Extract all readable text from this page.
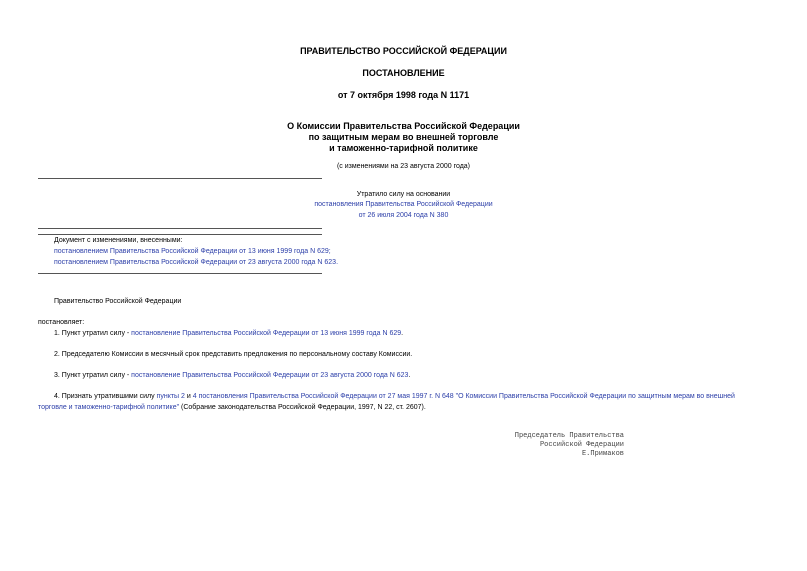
ПРАВИТЕЛЬСТВО РОССИЙСКОЙ ФЕДЕРАЦИИ
ПОСТАНОВЛЕНИЕ
от 7 октября 1998 года N 1171
О Комиссии Правительства Российской Федерации
по защитным мерам во внешней торговле
и таможенно-тарифной политике
(с изменениями на 23 августа 2000 года)
Утратило силу на основании
постановления Правительства Российской Федерации
от 26 июля 2004 года N 380
Документ с изменениями, внесенными:
постановлением Правительства Российской Федерации от 13 июня 1999 года N 629;
постановлением Правительства Российской Федерации от 23 августа 2000 года N 623.
Правительство Российской Федерации
постановляет:
1. Пункт утратил силу - постановление Правительства Российской Федерации от 13 июня 1999 года N 629.
2. Председателю Комиссии в месячный срок представить предложения по персональному составу Комиссии.
3. Пункт утратил силу - постановление Правительства Российской Федерации от 23 августа 2000 года N 623.
4. Признать утратившими силу пункты 2 и 4 постановления Правительства Российской Федерации от 27 мая 1997 г. N 648 "О Комиссии Правительства Российской Федерации по защитным мерам во внешней
торговле и таможенно-тарифной политике" (Собрание законодательства Российской Федерации, 1997, N 22, ст. 2607).
Председатель Правительства
Российской Федерации
Е.Примаков
